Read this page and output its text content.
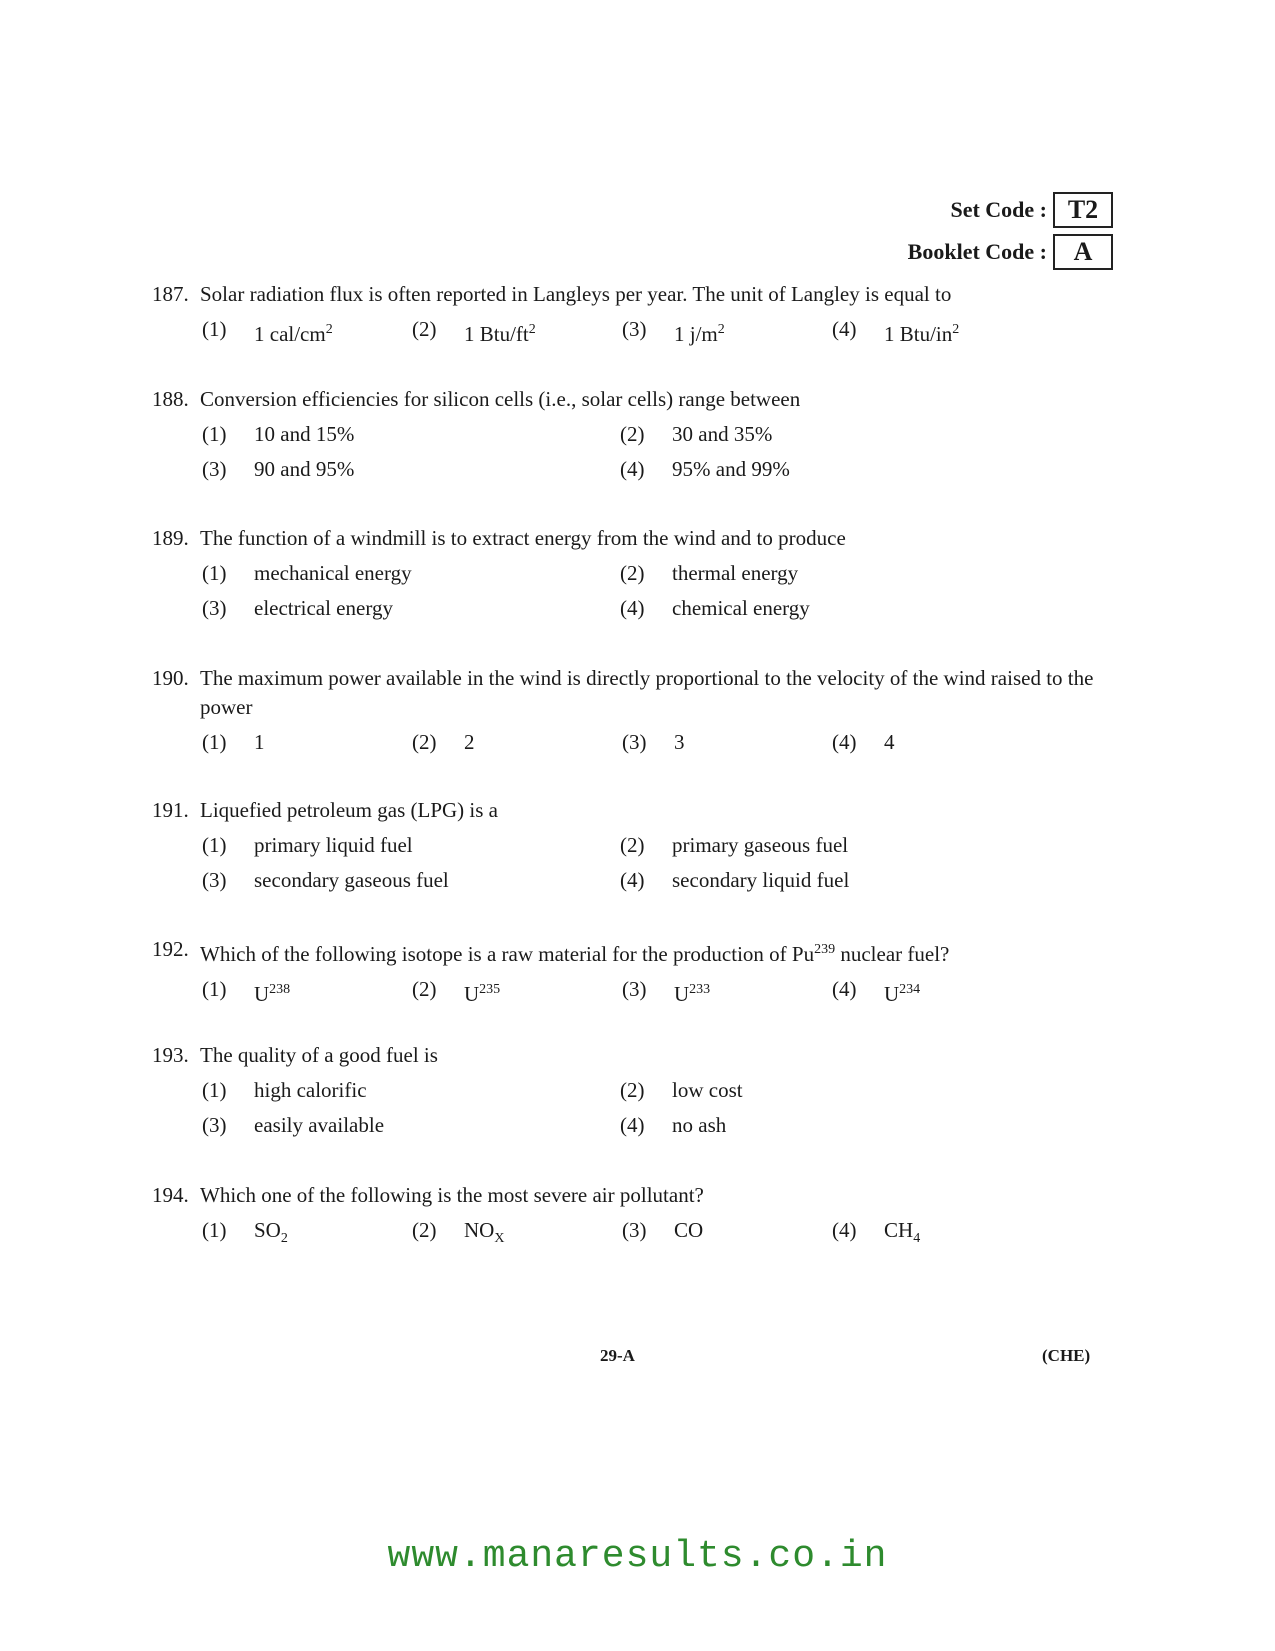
Set Code : T2
Booklet Code :	A
187. Solar radiation flux is often reported in Langleys per year. The unit of Langley is equal to
(1)	1 cal/$cm^2$	(2)	1 Btu/$ft^2$	(3)	1 $j/m^2$	(4)	1 Btu/$in^2$
188. Conversion efficiencies for silicon cells (i.e., solar cells) range between
(1)	10 and 15%	(2)	30 and 35%
(3)	90 and 95%	(4)	95% and 99%
189. The function of a windmill is to extract energy from the wind and to produce
(1)	mechanical energy	(2)	thermal energy
(3)	electrical energy	(4)	chemical energy
190. The maximum power available in the wind is directly proportional to the velocity of the wind raised to the power
(1)	1	(2)	2	(3)	3	(4)	4
191. Liquefied petroleum gas (LPG) is a
(1)	primary liquid fuel	(2)	primary gaseous fuel
(3)	secondary gaseous fuel	(4)	secondary liquid fuel
192. Which of the following isotope is a raw material for the production of Pu$^{239}$ nuclear fuel?
(1)	$U^{238}$	(2)	$U^{235}$	(3)	$U^{233}$	(4)	$U^{234}$
193. The quality of a good fuel is
(1)	high calorific	(2)	low cost
(3)	easily available	(4)	no ash
194. Which one of the following is the most severe air pollutant?
(1)	$SO_2$	(2)	$NO_X$	(3)	CO	(4)	$CH_4$
29-A	(CHE)
www.manaresults.co.in
